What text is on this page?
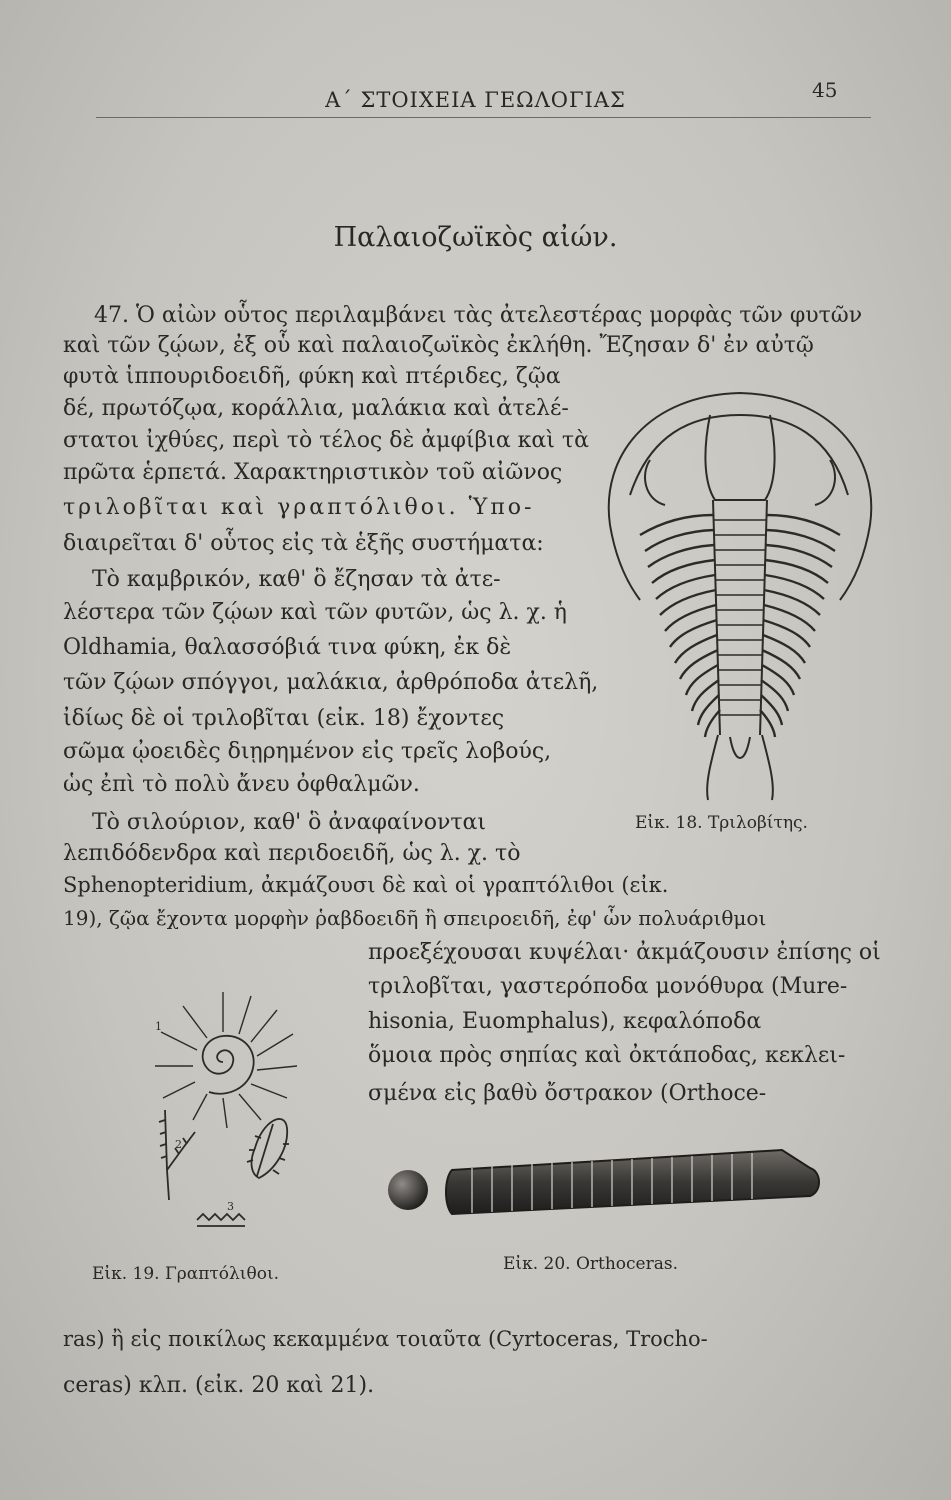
Α΄ ΣΤΟΙΧΕΙΑ ΓΕΩΛΟΓΙΑΣ	45
Παλαιοζωϊκὸς αἰών.
47. Ὁ αἰὼν οὗτος περιλαμβάνει τὰς ἀτελεστέρας μορφὰς τῶν φυτῶν
καὶ τῶν ζῴων, ἐξ οὗ καὶ παλαιοζωϊκὸς ἐκλήθη. Ἔζησαν δ' ἐν αὐτῷ
φυτὰ ἱππουριδοειδῆ, φύκη καὶ πτέριδες, ζῷα
δέ, πρωτόζῳα, κοράλλια, μαλάκια καὶ ἀτελέ-
στατοι ἰχθύες, περὶ τὸ τέλος δὲ ἀμφίβια καὶ τὰ
πρῶτα ἑρπετά. Χαρακτηριστικὸν τοῦ αἰῶνος
τριλοβῖται καὶ γραπτόλιθοι. Ὑπο-
διαιρεῖται δ' οὗτος εἰς τὰ ἑξῆς συστήματα:
Τὸ καμβρικόν, καθ' ὃ ἔζησαν τὰ ἀτε-
λέστερα τῶν ζῴων καὶ τῶν φυτῶν, ὡς λ. χ. ἡ
Oldhamia, θαλασσόβιά τινα φύκη, ἐκ δὲ
τῶν ζῴων σπόγγοι, μαλάκια, ἀρθρόποδα ἀτελῆ,
ἰδίως δὲ οἱ τριλοβῖται (εἰκ. 18) ἔχοντες
σῶμα ᾠοειδὲς διῃρημένον εἰς τρεῖς λοβούς,
ὡς ἐπὶ τὸ πολὺ ἄνευ ὀφθαλμῶν.
Τὸ σιλούριον, καθ' ὃ ἀναφαίνονται
λεπιδόδενδρα καὶ περιδοειδῆ, ὡς λ. χ. τὸ
Sphenopteridium, ἀκμάζουσι δὲ καὶ οἱ γραπτόλιθοι (εἰκ.
19), ζῷα ἔχοντα μορφὴν ῥαβδοειδῆ ἢ σπειροειδῆ, ἐφ' ὧν πολυάριθμοι
προεξέχουσαι κυψέλαι· ἀκμάζουσιν ἐπίσης οἱ
τριλοβῖται, γαστερόποδα μονόθυρα (Mure-
hisonia, Euomphalus), κεφαλόποδα
ὅμοια πρὸς σηπίας καὶ ὀκτάποδας, κεκλει-
σμένα εἰς βαθὺ ὄστρακον (Orthoce-
ras) ἢ εἰς ποικίλως κεκαμμένα τοιαῦτα (Cyrtoceras, Trocho-
ceras) κλπ. (εἰκ. 20 καὶ 21).
Εἰκ. 18. Τριλοβίτης.
1
2
3
Εἰκ. 19. Γραπτόλιθοι.	Εἰκ. 20. Orthoceras.
